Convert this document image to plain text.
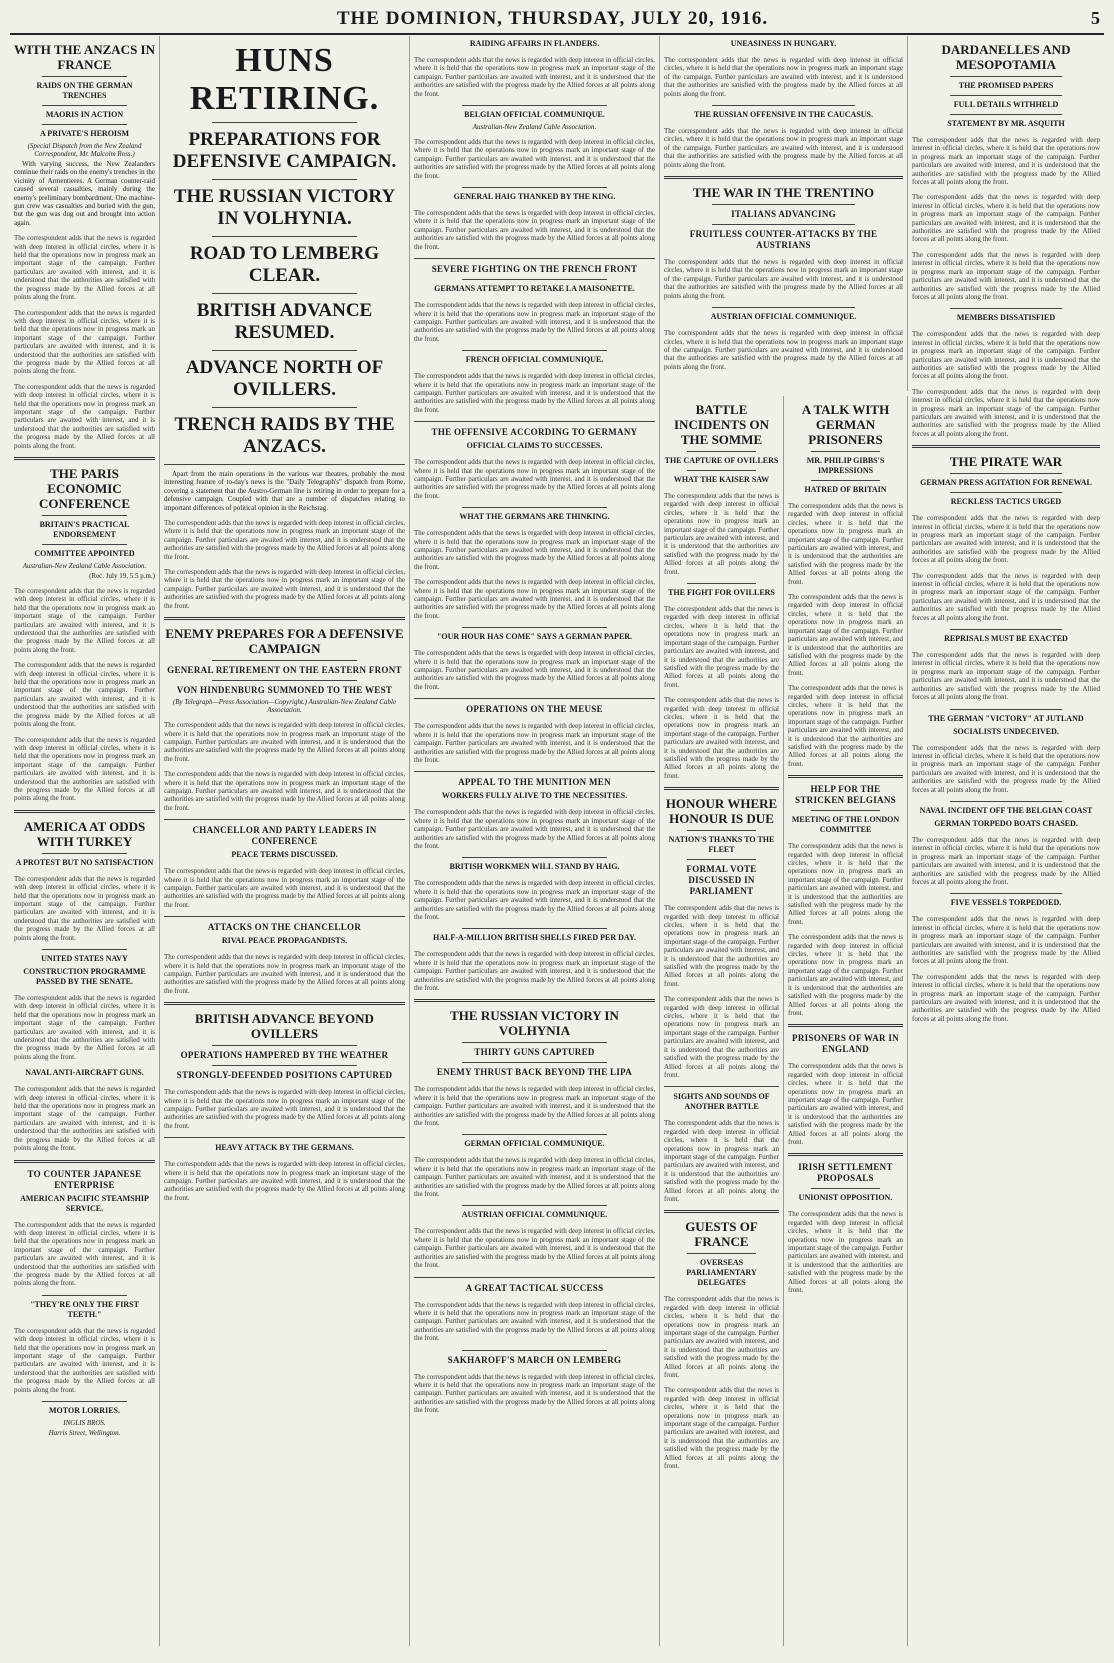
THE DOMINION, THURSDAY, JULY 20, 1916.	5
WITH THE ANZACS IN FRANCE
RAIDS ON THE GERMAN TRENCHES
MAORIS IN ACTION
A PRIVATE'S HEROISM

(Special Dispatch from the New Zealand Correspondent, Mr. Malcolm Ross.)

With varying success, the New Zealanders continue their raids on the enemy's trenches in the vicinity of Armentieres. A German counter-raid caused several casualties, mainly during the enemy's preliminary bombardment. One machine-gun crew was casualties and buried with the gun, but the gun was dug out and brought into action again.

The correspondent adds that the news is regarded with deep interest in official circles, where it is held that the operations now in progress mark an important stage of the campaign. Further particulars are awaited with interest, and it is understood that the authorities are satisfied with the progress made by the Allied forces at all points along the front.

The correspondent adds that the news is regarded with deep interest in official circles, where it is held that the operations now in progress mark an important stage of the campaign. Further particulars are awaited with interest, and it is understood that the authorities are satisfied with the progress made by the Allied forces at all points along the front.

The correspondent adds that the news is regarded with deep interest in official circles, where it is held that the operations now in progress mark an important stage of the campaign. Further particulars are awaited with interest, and it is understood that the authorities are satisfied with the progress made by the Allied forces at all points along the front.

THE PARIS ECONOMIC CONFERENCE
BRITAIN'S PRACTICAL ENDORSEMENT
COMMITTEE APPOINTED

Australian-New Zealand Cable Association.

(Rec. July 19, 5.5 p.m.)

The correspondent adds that the news is regarded with deep interest in official circles, where it is held that the operations now in progress mark an important stage of the campaign. Further particulars are awaited with interest, and it is understood that the authorities are satisfied with the progress made by the Allied forces at all points along the front.

The correspondent adds that the news is regarded with deep interest in official circles, where it is held that the operations now in progress mark an important stage of the campaign. Further particulars are awaited with interest, and it is understood that the authorities are satisfied with the progress made by the Allied forces at all points along the front.

The correspondent adds that the news is regarded with deep interest in official circles, where it is held that the operations now in progress mark an important stage of the campaign. Further particulars are awaited with interest, and it is understood that the authorities are satisfied with the progress made by the Allied forces at all points along the front.

AMERICA AT ODDS WITH TURKEY
A PROTEST BUT NO SATISFACTION

The correspondent adds that the news is regarded with deep interest in official circles, where it is held that the operations now in progress mark an important stage of the campaign. Further particulars are awaited with interest, and it is understood that the authorities are satisfied with the progress made by the Allied forces at all points along the front.

UNITED STATES NAVY
CONSTRUCTION PROGRAMME PASSED BY THE SENATE.

The correspondent adds that the news is regarded with deep interest in official circles, where it is held that the operations now in progress mark an important stage of the campaign. Further particulars are awaited with interest, and it is understood that the authorities are satisfied with the progress made by the Allied forces at all points along the front.

NAVAL ANTI-AIRCRAFT GUNS.

The correspondent adds that the news is regarded with deep interest in official circles, where it is held that the operations now in progress mark an important stage of the campaign. Further particulars are awaited with interest, and it is understood that the authorities are satisfied with the progress made by the Allied forces at all points along the front.

TO COUNTER JAPANESE ENTERPRISE
AMERICAN PACIFIC STEAMSHIP SERVICE.

The correspondent adds that the news is regarded with deep interest in official circles, where it is held that the operations now in progress mark an important stage of the campaign. Further particulars are awaited with interest, and it is understood that the authorities are satisfied with the progress made by the Allied forces at all points along the front.

"THEY'RE ONLY THE FIRST TEETH."

The correspondent adds that the news is regarded with deep interest in official circles, where it is held that the operations now in progress mark an important stage of the campaign. Further particulars are awaited with interest, and it is understood that the authorities are satisfied with the progress made by the Allied forces at all points along the front.

MOTOR LORRIES.

INGLIS BROS.

Harris Street, Wellington.

HUNS RETIRING.
PREPARATIONS FOR DEFENSIVE CAMPAIGN.
THE RUSSIAN VICTORY IN VOLHYNIA.
ROAD TO LEMBERG CLEAR.
BRITISH ADVANCE RESUMED.
ADVANCE NORTH OF OVILLERS.
TRENCH RAIDS BY THE ANZACS.

Apart from the main operations in the various war theatres, probably the most interesting feature of to-day's news is the "Daily Telegraph's" dispatch from Rome, covering a statement that the Austro-German line is retiring in order to prepare for a defensive campaign. Coupled with that are a number of dispatches relating to important differences of political opinion in the Reichstag.

The correspondent adds that the news is regarded with deep interest in official circles, where it is held that the operations now in progress mark an important stage of the campaign. Further particulars are awaited with interest, and it is understood that the authorities are satisfied with the progress made by the Allied forces at all points along the front.

The correspondent adds that the news is regarded with deep interest in official circles, where it is held that the operations now in progress mark an important stage of the campaign. Further particulars are awaited with interest, and it is understood that the authorities are satisfied with the progress made by the Allied forces at all points along the front.

ENEMY PREPARES FOR A DEFENSIVE CAMPAIGN
GENERAL RETIREMENT ON THE EASTERN FRONT
VON HINDENBURG SUMMONED TO THE WEST

(By Telegraph—Press Association—Copyright.) Australian-New Zealand Cable Association.

The correspondent adds that the news is regarded with deep interest in official circles, where it is held that the operations now in progress mark an important stage of the campaign. Further particulars are awaited with interest, and it is understood that the authorities are satisfied with the progress made by the Allied forces at all points along the front.

The correspondent adds that the news is regarded with deep interest in official circles, where it is held that the operations now in progress mark an important stage of the campaign. Further particulars are awaited with interest, and it is understood that the authorities are satisfied with the progress made by the Allied forces at all points along the front.

CHANCELLOR AND PARTY LEADERS IN CONFERENCE
PEACE TERMS DISCUSSED.

The correspondent adds that the news is regarded with deep interest in official circles, where it is held that the operations now in progress mark an important stage of the campaign. Further particulars are awaited with interest, and it is understood that the authorities are satisfied with the progress made by the Allied forces at all points along the front.

ATTACKS ON THE CHANCELLOR
RIVAL PEACE PROPAGANDISTS.

The correspondent adds that the news is regarded with deep interest in official circles, where it is held that the operations now in progress mark an important stage of the campaign. Further particulars are awaited with interest, and it is understood that the authorities are satisfied with the progress made by the Allied forces at all points along the front.

BRITISH ADVANCE BEYOND OVILLERS
OPERATIONS HAMPERED BY THE WEATHER
STRONGLY-DEFENDED POSITIONS CAPTURED

The correspondent adds that the news is regarded with deep interest in official circles, where it is held that the operations now in progress mark an important stage of the campaign. Further particulars are awaited with interest, and it is understood that the authorities are satisfied with the progress made by the Allied forces at all points along the front.

HEAVY ATTACK BY THE GERMANS.

The correspondent adds that the news is regarded with deep interest in official circles, where it is held that the operations now in progress mark an important stage of the campaign. Further particulars are awaited with interest, and it is understood that the authorities are satisfied with the progress made by the Allied forces at all points along the front.

RAIDING AFFAIRS IN FLANDERS.

The correspondent adds that the news is regarded with deep interest in official circles, where it is held that the operations now in progress mark an important stage of the campaign. Further particulars are awaited with interest, and it is understood that the authorities are satisfied with the progress made by the Allied forces at all points along the front.

BELGIAN OFFICIAL COMMUNIQUE.

Australian-New Zealand Cable Association.

The correspondent adds that the news is regarded with deep interest in official circles, where it is held that the operations now in progress mark an important stage of the campaign. Further particulars are awaited with interest, and it is understood that the authorities are satisfied with the progress made by the Allied forces at all points along the front.

GENERAL HAIG THANKED BY THE KING.

The correspondent adds that the news is regarded with deep interest in official circles, where it is held that the operations now in progress mark an important stage of the campaign. Further particulars are awaited with interest, and it is understood that the authorities are satisfied with the progress made by the Allied forces at all points along the front.

SEVERE FIGHTING ON THE FRENCH FRONT
GERMANS ATTEMPT TO RETAKE LA MAISONETTE.

The correspondent adds that the news is regarded with deep interest in official circles, where it is held that the operations now in progress mark an important stage of the campaign. Further particulars are awaited with interest, and it is understood that the authorities are satisfied with the progress made by the Allied forces at all points along the front.

FRENCH OFFICIAL COMMUNIQUE.

The correspondent adds that the news is regarded with deep interest in official circles, where it is held that the operations now in progress mark an important stage of the campaign. Further particulars are awaited with interest, and it is understood that the authorities are satisfied with the progress made by the Allied forces at all points along the front.

THE OFFENSIVE ACCORDING TO GERMANY
OFFICIAL CLAIMS TO SUCCESSES.

The correspondent adds that the news is regarded with deep interest in official circles, where it is held that the operations now in progress mark an important stage of the campaign. Further particulars are awaited with interest, and it is understood that the authorities are satisfied with the progress made by the Allied forces at all points along the front.

WHAT THE GERMANS ARE THINKING.

The correspondent adds that the news is regarded with deep interest in official circles, where it is held that the operations now in progress mark an important stage of the campaign. Further particulars are awaited with interest, and it is understood that the authorities are satisfied with the progress made by the Allied forces at all points along the front.

The correspondent adds that the news is regarded with deep interest in official circles, where it is held that the operations now in progress mark an important stage of the campaign. Further particulars are awaited with interest, and it is understood that the authorities are satisfied with the progress made by the Allied forces at all points along the front.

"OUR HOUR HAS COME" SAYS A GERMAN PAPER.

The correspondent adds that the news is regarded with deep interest in official circles, where it is held that the operations now in progress mark an important stage of the campaign. Further particulars are awaited with interest, and it is understood that the authorities are satisfied with the progress made by the Allied forces at all points along the front.

OPERATIONS ON THE MEUSE

The correspondent adds that the news is regarded with deep interest in official circles, where it is held that the operations now in progress mark an important stage of the campaign. Further particulars are awaited with interest, and it is understood that the authorities are satisfied with the progress made by the Allied forces at all points along the front.

APPEAL TO THE MUNITION MEN
WORKERS FULLY ALIVE TO THE NECESSITIES.

The correspondent adds that the news is regarded with deep interest in official circles, where it is held that the operations now in progress mark an important stage of the campaign. Further particulars are awaited with interest, and it is understood that the authorities are satisfied with the progress made by the Allied forces at all points along the front.

BRITISH WORKMEN WILL STAND BY HAIG.

The correspondent adds that the news is regarded with deep interest in official circles, where it is held that the operations now in progress mark an important stage of the campaign. Further particulars are awaited with interest, and it is understood that the authorities are satisfied with the progress made by the Allied forces at all points along the front.

HALF-A-MILLION BRITISH SHELLS FIRED PER DAY.

The correspondent adds that the news is regarded with deep interest in official circles, where it is held that the operations now in progress mark an important stage of the campaign. Further particulars are awaited with interest, and it is understood that the authorities are satisfied with the progress made by the Allied forces at all points along the front.

THE RUSSIAN VICTORY IN VOLHYNIA
THIRTY GUNS CAPTURED
ENEMY THRUST BACK BEYOND THE LIPA

The correspondent adds that the news is regarded with deep interest in official circles, where it is held that the operations now in progress mark an important stage of the campaign. Further particulars are awaited with interest, and it is understood that the authorities are satisfied with the progress made by the Allied forces at all points along the front.

GERMAN OFFICIAL COMMUNIQUE.

The correspondent adds that the news is regarded with deep interest in official circles, where it is held that the operations now in progress mark an important stage of the campaign. Further particulars are awaited with interest, and it is understood that the authorities are satisfied with the progress made by the Allied forces at all points along the front.

AUSTRIAN OFFICIAL COMMUNIQUE.

The correspondent adds that the news is regarded with deep interest in official circles, where it is held that the operations now in progress mark an important stage of the campaign. Further particulars are awaited with interest, and it is understood that the authorities are satisfied with the progress made by the Allied forces at all points along the front.

A GREAT TACTICAL SUCCESS

The correspondent adds that the news is regarded with deep interest in official circles, where it is held that the operations now in progress mark an important stage of the campaign. Further particulars are awaited with interest, and it is understood that the authorities are satisfied with the progress made by the Allied forces at all points along the front.

SAKHAROFF'S MARCH ON LEMBERG

The correspondent adds that the news is regarded with deep interest in official circles, where it is held that the operations now in progress mark an important stage of the campaign. Further particulars are awaited with interest, and it is understood that the authorities are satisfied with the progress made by the Allied forces at all points along the front.

UNEASINESS IN HUNGARY.

The correspondent adds that the news is regarded with deep interest in official circles, where it is held that the operations now in progress mark an important stage of the campaign. Further particulars are awaited with interest, and it is understood that the authorities are satisfied with the progress made by the Allied forces at all points along the front.

THE RUSSIAN OFFENSIVE IN THE CAUCASUS.

The correspondent adds that the news is regarded with deep interest in official circles, where it is held that the operations now in progress mark an important stage of the campaign. Further particulars are awaited with interest, and it is understood that the authorities are satisfied with the progress made by the Allied forces at all points along the front.

THE WAR IN THE TRENTINO
ITALIANS ADVANCING
FRUITLESS COUNTER-ATTACKS BY THE AUSTRIANS

The correspondent adds that the news is regarded with deep interest in official circles, where it is held that the operations now in progress mark an important stage of the campaign. Further particulars are awaited with interest, and it is understood that the authorities are satisfied with the progress made by the Allied forces at all points along the front.

AUSTRIAN OFFICIAL COMMUNIQUE.

The correspondent adds that the news is regarded with deep interest in official circles, where it is held that the operations now in progress mark an important stage of the campaign. Further particulars are awaited with interest, and it is understood that the authorities are satisfied with the progress made by the Allied forces at all points along the front.

BATTLE INCIDENTS ON THE SOMME
THE CAPTURE OF OVILLERS
WHAT THE KAISER SAW

The correspondent adds that the news is regarded with deep interest in official circles, where it is held that the operations now in progress mark an important stage of the campaign. Further particulars are awaited with interest, and it is understood that the authorities are satisfied with the progress made by the Allied forces at all points along the front.

THE FIGHT FOR OVILLERS

The correspondent adds that the news is regarded with deep interest in official circles, where it is held that the operations now in progress mark an important stage of the campaign. Further particulars are awaited with interest, and it is understood that the authorities are satisfied with the progress made by the Allied forces at all points along the front.

The correspondent adds that the news is regarded with deep interest in official circles, where it is held that the operations now in progress mark an important stage of the campaign. Further particulars are awaited with interest, and it is understood that the authorities are satisfied with the progress made by the Allied forces at all points along the front.

HONOUR WHERE HONOUR IS DUE
NATION'S THANKS TO THE FLEET
FORMAL VOTE DISCUSSED IN PARLIAMENT

The correspondent adds that the news is regarded with deep interest in official circles, where it is held that the operations now in progress mark an important stage of the campaign. Further particulars are awaited with interest, and it is understood that the authorities are satisfied with the progress made by the Allied forces at all points along the front.

The correspondent adds that the news is regarded with deep interest in official circles, where it is held that the operations now in progress mark an important stage of the campaign. Further particulars are awaited with interest, and it is understood that the authorities are satisfied with the progress made by the Allied forces at all points along the front.

SIGHTS AND SOUNDS OF ANOTHER BATTLE

The correspondent adds that the news is regarded with deep interest in official circles, where it is held that the operations now in progress mark an important stage of the campaign. Further particulars are awaited with interest, and it is understood that the authorities are satisfied with the progress made by the Allied forces at all points along the front.

GUESTS OF FRANCE
OVERSEAS PARLIAMENTARY DELEGATES

The correspondent adds that the news is regarded with deep interest in official circles, where it is held that the operations now in progress mark an important stage of the campaign. Further particulars are awaited with interest, and it is understood that the authorities are satisfied with the progress made by the Allied forces at all points along the front.

The correspondent adds that the news is regarded with deep interest in official circles, where it is held that the operations now in progress mark an important stage of the campaign. Further particulars are awaited with interest, and it is understood that the authorities are satisfied with the progress made by the Allied forces at all points along the front.

A TALK WITH GERMAN PRISONERS
MR. PHILIP GIBBS'S IMPRESSIONS
HATRED OF BRITAIN

The correspondent adds that the news is regarded with deep interest in official circles, where it is held that the operations now in progress mark an important stage of the campaign. Further particulars are awaited with interest, and it is understood that the authorities are satisfied with the progress made by the Allied forces at all points along the front.

The correspondent adds that the news is regarded with deep interest in official circles, where it is held that the operations now in progress mark an important stage of the campaign. Further particulars are awaited with interest, and it is understood that the authorities are satisfied with the progress made by the Allied forces at all points along the front.

The correspondent adds that the news is regarded with deep interest in official circles, where it is held that the operations now in progress mark an important stage of the campaign. Further particulars are awaited with interest, and it is understood that the authorities are satisfied with the progress made by the Allied forces at all points along the front.

HELP FOR THE STRICKEN BELGIANS
MEETING OF THE LONDON COMMITTEE

The correspondent adds that the news is regarded with deep interest in official circles, where it is held that the operations now in progress mark an important stage of the campaign. Further particulars are awaited with interest, and it is understood that the authorities are satisfied with the progress made by the Allied forces at all points along the front.

The correspondent adds that the news is regarded with deep interest in official circles, where it is held that the operations now in progress mark an important stage of the campaign. Further particulars are awaited with interest, and it is understood that the authorities are satisfied with the progress made by the Allied forces at all points along the front.

PRISONERS OF WAR IN ENGLAND

The correspondent adds that the news is regarded with deep interest in official circles, where it is held that the operations now in progress mark an important stage of the campaign. Further particulars are awaited with interest, and it is understood that the authorities are satisfied with the progress made by the Allied forces at all points along the front.

IRISH SETTLEMENT PROPOSALS
UNIONIST OPPOSITION.

The correspondent adds that the news is regarded with deep interest in official circles, where it is held that the operations now in progress mark an important stage of the campaign. Further particulars are awaited with interest, and it is understood that the authorities are satisfied with the progress made by the Allied forces at all points along the front.

DARDANELLES AND MESOPOTAMIA
THE PROMISED PAPERS
FULL DETAILS WITHHELD
STATEMENT BY MR. ASQUITH

The correspondent adds that the news is regarded with deep interest in official circles, where it is held that the operations now in progress mark an important stage of the campaign. Further particulars are awaited with interest, and it is understood that the authorities are satisfied with the progress made by the Allied forces at all points along the front.

The correspondent adds that the news is regarded with deep interest in official circles, where it is held that the operations now in progress mark an important stage of the campaign. Further particulars are awaited with interest, and it is understood that the authorities are satisfied with the progress made by the Allied forces at all points along the front.

The correspondent adds that the news is regarded with deep interest in official circles, where it is held that the operations now in progress mark an important stage of the campaign. Further particulars are awaited with interest, and it is understood that the authorities are satisfied with the progress made by the Allied forces at all points along the front.

MEMBERS DISSATISFIED

The correspondent adds that the news is regarded with deep interest in official circles, where it is held that the operations now in progress mark an important stage of the campaign. Further particulars are awaited with interest, and it is understood that the authorities are satisfied with the progress made by the Allied forces at all points along the front.

The correspondent adds that the news is regarded with deep interest in official circles, where it is held that the operations now in progress mark an important stage of the campaign. Further particulars are awaited with interest, and it is understood that the authorities are satisfied with the progress made by the Allied forces at all points along the front.

THE PIRATE WAR
GERMAN PRESS AGITATION FOR RENEWAL
RECKLESS TACTICS URGED

The correspondent adds that the news is regarded with deep interest in official circles, where it is held that the operations now in progress mark an important stage of the campaign. Further particulars are awaited with interest, and it is understood that the authorities are satisfied with the progress made by the Allied forces at all points along the front.

The correspondent adds that the news is regarded with deep interest in official circles, where it is held that the operations now in progress mark an important stage of the campaign. Further particulars are awaited with interest, and it is understood that the authorities are satisfied with the progress made by the Allied forces at all points along the front.

REPRISALS MUST BE EXACTED

The correspondent adds that the news is regarded with deep interest in official circles, where it is held that the operations now in progress mark an important stage of the campaign. Further particulars are awaited with interest, and it is understood that the authorities are satisfied with the progress made by the Allied forces at all points along the front.

THE GERMAN "VICTORY" AT JUTLAND
SOCIALISTS UNDECEIVED.

The correspondent adds that the news is regarded with deep interest in official circles, where it is held that the operations now in progress mark an important stage of the campaign. Further particulars are awaited with interest, and it is understood that the authorities are satisfied with the progress made by the Allied forces at all points along the front.

NAVAL INCIDENT OFF THE BELGIAN COAST
GERMAN TORPEDO BOATS CHASED.

The correspondent adds that the news is regarded with deep interest in official circles, where it is held that the operations now in progress mark an important stage of the campaign. Further particulars are awaited with interest, and it is understood that the authorities are satisfied with the progress made by the Allied forces at all points along the front.

FIVE VESSELS TORPEDOED.

The correspondent adds that the news is regarded with deep interest in official circles, where it is held that the operations now in progress mark an important stage of the campaign. Further particulars are awaited with interest, and it is understood that the authorities are satisfied with the progress made by the Allied forces at all points along the front.

The correspondent adds that the news is regarded with deep interest in official circles, where it is held that the operations now in progress mark an important stage of the campaign. Further particulars are awaited with interest, and it is understood that the authorities are satisfied with the progress made by the Allied forces at all points along the front.
